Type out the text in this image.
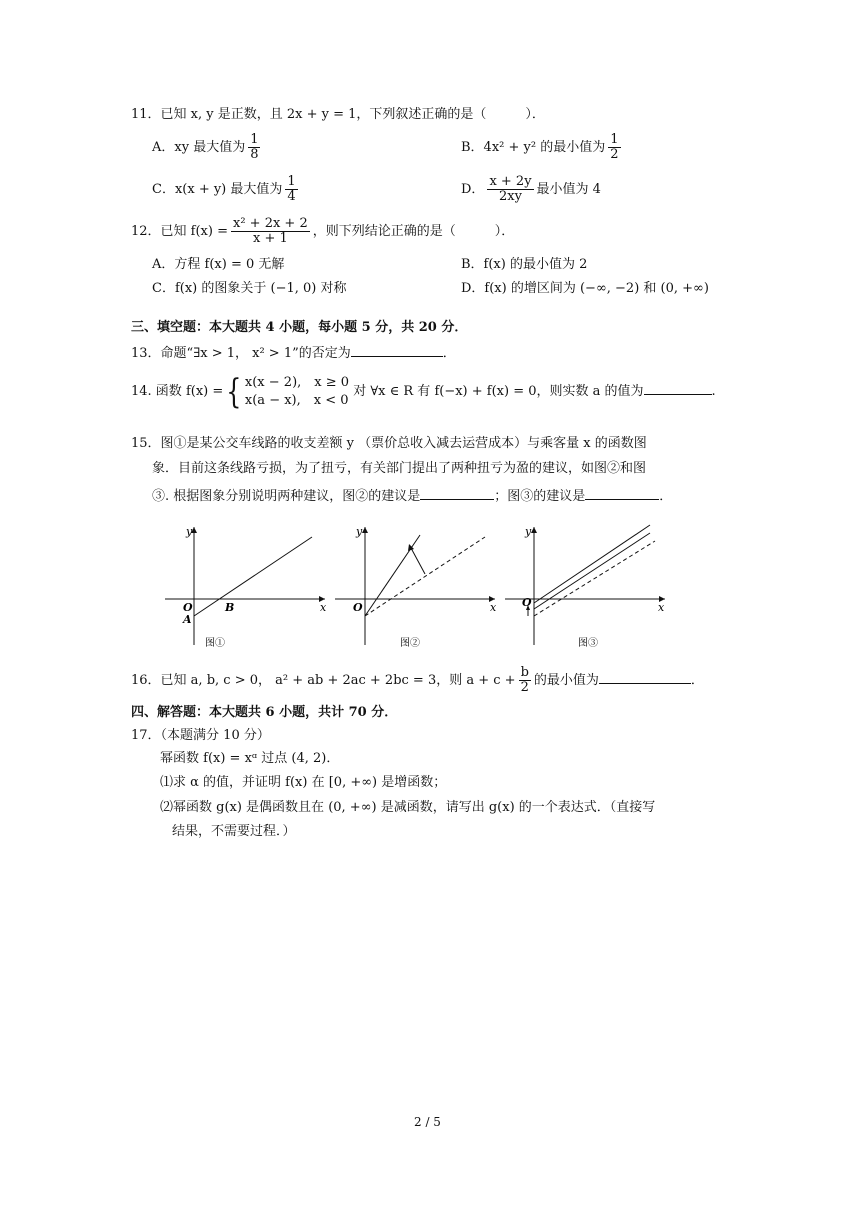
11．已知 x, y 是正数，且 2x + y = 1，下列叙述正确的是（　　　）．
A．xy 最大值为 $\frac{1}{8}$	B．4x² + y² 的最小值为 $\frac{1}{2}$
C．x(x + y) 最大值为 $\frac{1}{4}$	D． $\frac{x + 2y}{2xy}$ 最小值为 4
12．已知 $f(x) = \frac{\text{x² + 2x + 2}}{x + 1}$ ，则下列结论正确的是（　　　）．
A．方程 f(x) = 0 无解	B．f(x) 的最小值为 2
C．f(x) 的图象关于 (−1, 0) 对称	D．f(x) 的增区间为 (−∞, −2) 和 (0, +∞)
三、填空题：本大题共 4 小题，每小题 5 分，共 20 分．
13．命题“∃x > 1， x² > 1”的否定为	．
14. 函数 f(x) ={ x(x − 2),　x ≥ 0
x(a − x),　x < 0
对 ∀x ∈ R 有 f(−x) + f(x) = 0，则实数 a 的值为	.
15．图①是某公交车线路的收支差额 y （票价总收入减去运营成本）与乘客量 x 的函数图
象．目前这条线路亏损，为了扭亏，有关部门提出了两种扭亏为盈的建议，如图②和图
③. 根据图象分别说明两种建议，图②的建议是	；图③的建议是	．
y
x
O
A
B
图①
y
x
O
图②
y
x
O
图③
16．已知 a, b, c > 0， a² + ab + 2ac + 2bc = 3，则 $a + c + \frac{b}{2}$ 的最小值为	．
四、解答题：本大题共 6 小题，共计 70 分．
17．（本题满分 10 分）
幂函数 f(x) = xᵅ 过点 (4, 2)．
⑴求 α 的值，并证明 f(x) 在 [0, +∞) 是增函数；
⑵幂函数 g(x) 是偶函数且在 (0, +∞) 是减函数，请写出 g(x) 的一个表达式．（直接写
结果，不需要过程．）
2 / 5
